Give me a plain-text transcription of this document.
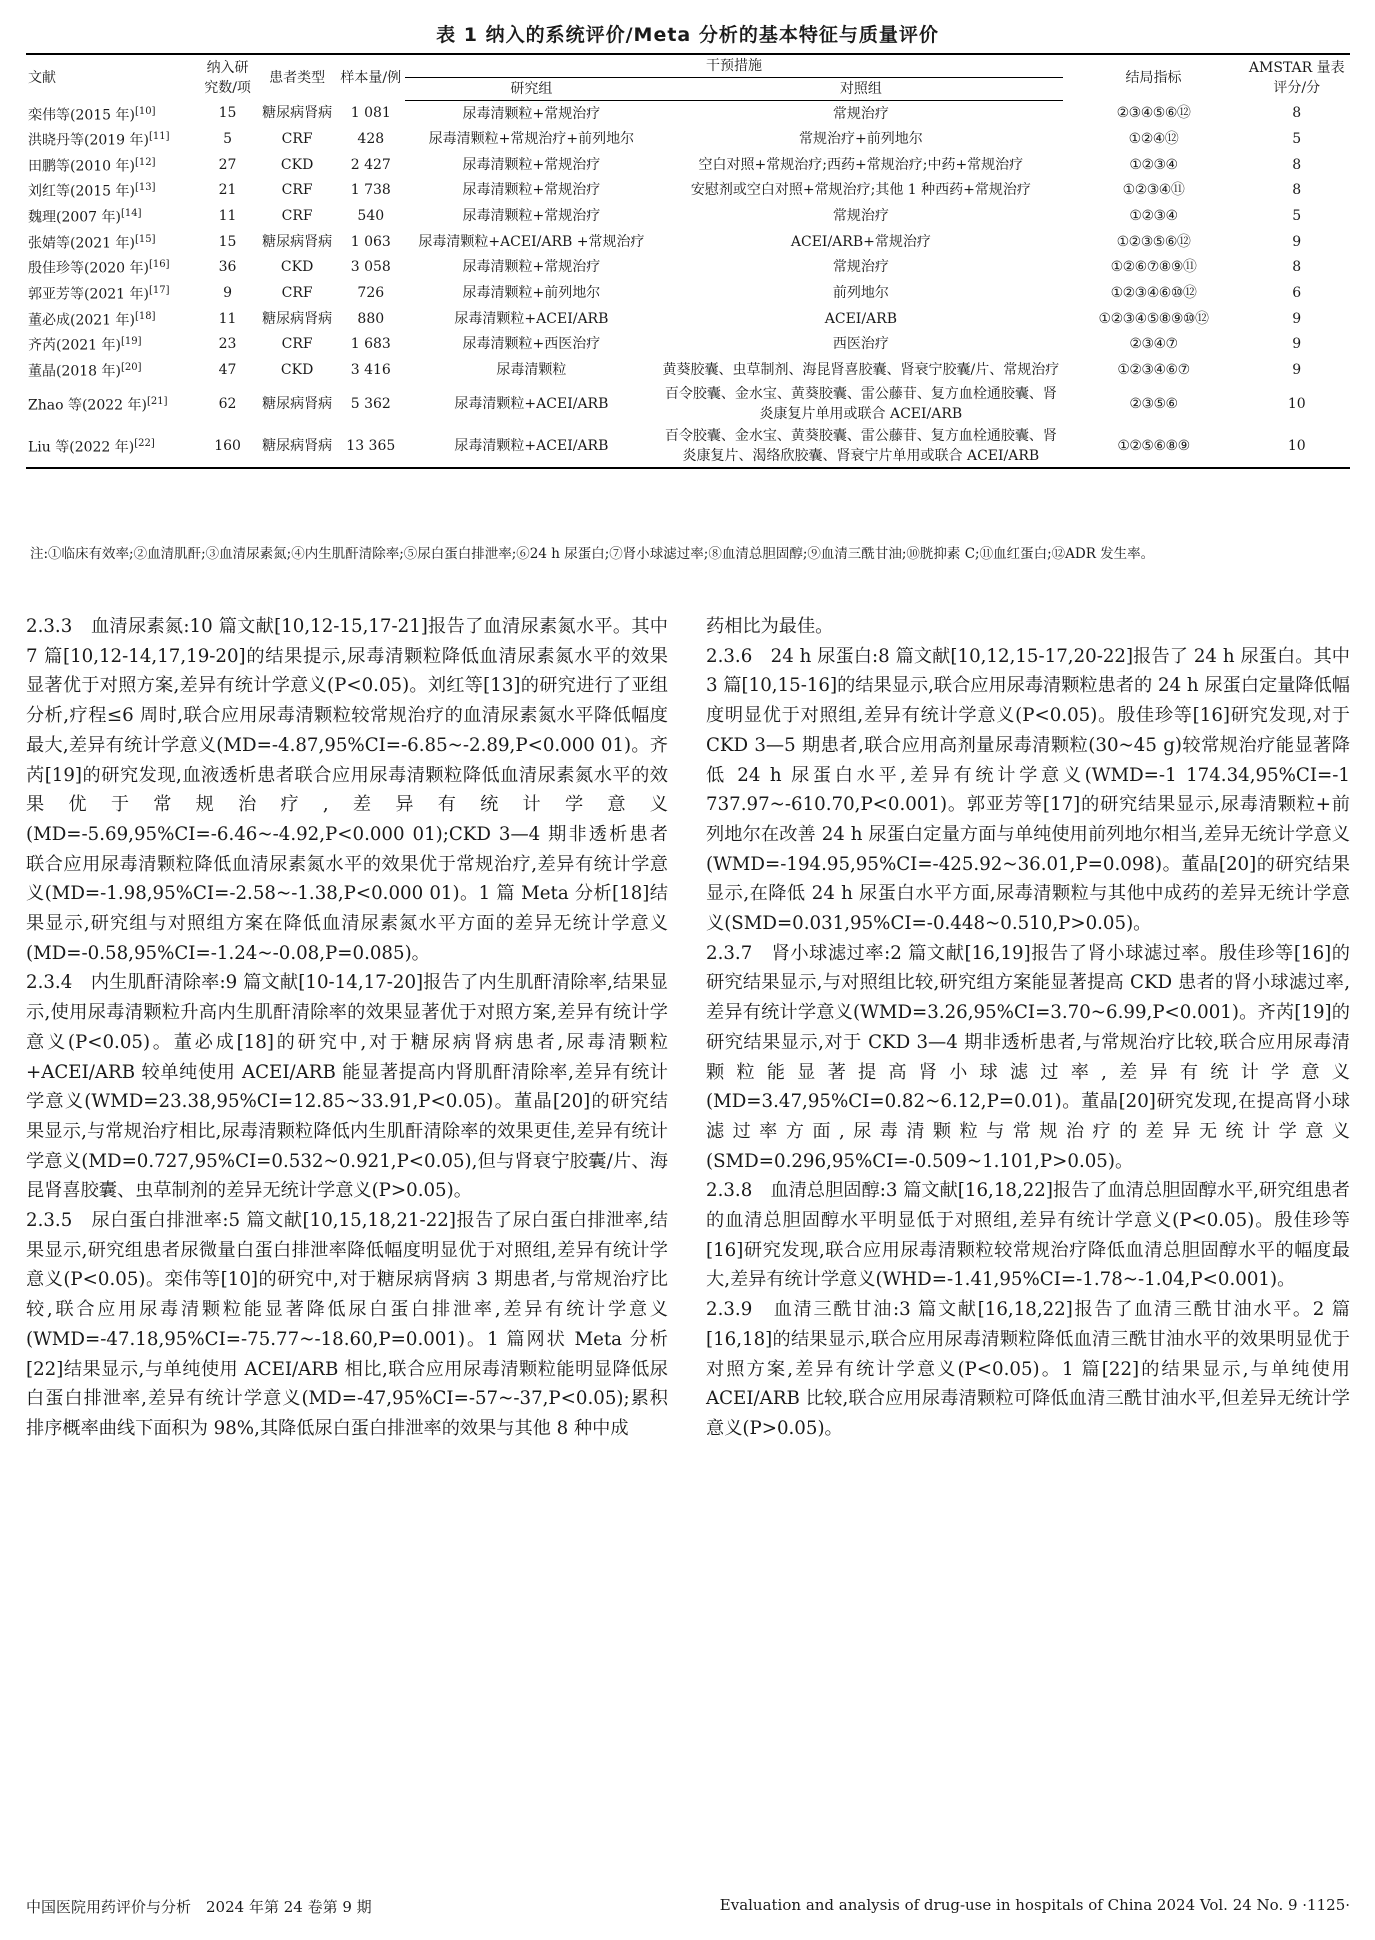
表 1 纳入的系统评价/Meta 分析的基本特征与质量评价
文献	纳入研究数/项	患者类型	样本量/例	干预措施		结局指标	AMSTAR 量表评分/分
				研究组	对照组		
栾伟等(2015 年)[10]	15	糖尿病肾病	1 081	尿毒清颗粒+常规治疗	常规治疗	②③④⑤⑥⑫	8
洪晓丹等(2019 年)[11]	5	CRF	428	尿毒清颗粒+常规治疗+前列地尔	常规治疗+前列地尔	①②④⑫	5
田鹏等(2010 年)[12]	27	CKD	2 427	尿毒清颗粒+常规治疗	空白对照+常规治疗;西药+常规治疗;中药+常规治疗	①②③④	8
刘红等(2015 年)[13]	21	CRF	1 738	尿毒清颗粒+常规治疗	安慰剂或空白对照+常规治疗;其他 1 种西药+常规治疗	①②③④⑪	8
魏理(2007 年)[14]	11	CRF	540	尿毒清颗粒+常规治疗	常规治疗	①②③④	5
张婧等(2021 年)[15]	15	糖尿病肾病	1 063	尿毒清颗粒+ACEI/ARB +常规治疗	ACEI/ARB+常规治疗	①②③⑤⑥⑫	9
殷佳珍等(2020 年)[16]	36	CKD	3 058	尿毒清颗粒+常规治疗	常规治疗	①②⑥⑦⑧⑨⑪	8
郭亚芳等(2021 年)[17]	9	CRF	726	尿毒清颗粒+前列地尔	前列地尔	①②③④⑥⑩⑫	6
董必成(2021 年)[18]	11	糖尿病肾病	880	尿毒清颗粒+ACEI/ARB	ACEI/ARB	①②③④⑤⑧⑨⑩⑫	9
齐芮(2021 年)[19]	23	CRF	1 683	尿毒清颗粒+西医治疗	西医治疗	②③④⑦	9
董晶(2018 年)[20]	47	CKD	3 416	尿毒清颗粒	黄葵胶囊、虫草制剂、海昆肾喜胶囊、肾衰宁胶囊/片、常规治疗	①②③④⑥⑦	9
Zhao 等(2022 年)[21]	62	糖尿病肾病	5 362	尿毒清颗粒+ACEI/ARB	百令胶囊、金水宝、黄葵胶囊、雷公藤苷、复方血栓通胶囊、肾炎康复片单用或联合 ACEI/ARB	②③⑤⑥	10
Liu 等(2022 年)[22]	160	糖尿病肾病	13 365	尿毒清颗粒+ACEI/ARB	百令胶囊、金水宝、黄葵胶囊、雷公藤苷、复方血栓通胶囊、肾炎康复片、渴络欣胶囊、肾衰宁片单用或联合 ACEI/ARB	①②⑤⑥⑧⑨	10
注:①临床有效率;②血清肌酐;③血清尿素氮;④内生肌酐清除率;⑤尿白蛋白排泄率;⑥24 h 尿蛋白;⑦肾小球滤过率;⑧血清总胆固醇;⑨血清三酰甘油;⑩胱抑素 C;⑪血红蛋白;⑫ADR 发生率。

2.3.3　血清尿素氮:10 篇文献[10,12-15,17-21]报告了血清尿素氮水平。其中 7 篇[10,12-14,17,19-20]的结果提示,尿毒清颗粒降低血清尿素氮水平的效果显著优于对照方案,差异有统计学意义(P<0.05)。刘红等[13]的研究进行了亚组分析,疗程≤6 周时,联合应用尿毒清颗粒较常规治疗的血清尿素氮水平降低幅度最大,差异有统计学意义(MD=-4.87,95%CI=-6.85~-2.89,P<0.000 01)。齐芮[19]的研究发现,血液透析患者联合应用尿毒清颗粒降低血清尿素氮水平的效果优于常规治疗,差异有统计学意义(MD=-5.69,95%CI=-6.46~-4.92,P<0.000 01);CKD 3—4 期非透析患者联合应用尿毒清颗粒降低血清尿素氮水平的效果优于常规治疗,差异有统计学意义(MD=-1.98,95%CI=-2.58~-1.38,P<0.000 01)。1 篇 Meta 分析[18]结果显示,研究组与对照组方案在降低血清尿素氮水平方面的差异无统计学意义(MD=-0.58,95%CI=-1.24~-0.08,P=0.085)。

2.3.4　内生肌酐清除率:9 篇文献[10-14,17-20]报告了内生肌酐清除率,结果显示,使用尿毒清颗粒升高内生肌酐清除率的效果显著优于对照方案,差异有统计学意义(P<0.05)。董必成[18]的研究中,对于糖尿病肾病患者,尿毒清颗粒+ACEI/ARB 较单纯使用 ACEI/ARB 能显著提高内肾肌酐清除率,差异有统计学意义(WMD=23.38,95%CI=12.85~33.91,P<0.05)。董晶[20]的研究结果显示,与常规治疗相比,尿毒清颗粒降低内生肌酐清除率的效果更佳,差异有统计学意义(MD=0.727,95%CI=0.532~0.921,P<0.05),但与肾衰宁胶囊/片、海昆肾喜胶囊、虫草制剂的差异无统计学意义(P>0.05)。

2.3.5　尿白蛋白排泄率:5 篇文献[10,15,18,21-22]报告了尿白蛋白排泄率,结果显示,研究组患者尿微量白蛋白排泄率降低幅度明显优于对照组,差异有统计学意义(P<0.05)。栾伟等[10]的研究中,对于糖尿病肾病 3 期患者,与常规治疗比较,联合应用尿毒清颗粒能显著降低尿白蛋白排泄率,差异有统计学意义(WMD=-47.18,95%CI=-75.77~-18.60,P=0.001)。1 篇网状 Meta 分析[22]结果显示,与单纯使用 ACEI/ARB 相比,联合应用尿毒清颗粒能明显降低尿白蛋白排泄率,差异有统计学意义(MD=-47,95%CI=-57~-37,P<0.05);累积排序概率曲线下面积为 98%,其降低尿白蛋白排泄率的效果与其他 8 种中成

药相比为最佳。

2.3.6　24 h 尿蛋白:8 篇文献[10,12,15-17,20-22]报告了 24 h 尿蛋白。其中 3 篇[10,15-16]的结果显示,联合应用尿毒清颗粒患者的 24 h 尿蛋白定量降低幅度明显优于对照组,差异有统计学意义(P<0.05)。殷佳珍等[16]研究发现,对于 CKD 3—5 期患者,联合应用高剂量尿毒清颗粒(30~45 g)较常规治疗能显著降低 24 h 尿蛋白水平,差异有统计学意义(WMD=-1 174.34,95%CI=-1 737.97~-610.70,P<0.001)。郭亚芳等[17]的研究结果显示,尿毒清颗粒+前列地尔在改善 24 h 尿蛋白定量方面与单纯使用前列地尔相当,差异无统计学意义(WMD=-194.95,95%CI=-425.92~36.01,P=0.098)。董晶[20]的研究结果显示,在降低 24 h 尿蛋白水平方面,尿毒清颗粒与其他中成药的差异无统计学意义(SMD=0.031,95%CI=-0.448~0.510,P>0.05)。

2.3.7　肾小球滤过率:2 篇文献[16,19]报告了肾小球滤过率。殷佳珍等[16]的研究结果显示,与对照组比较,研究组方案能显著提高 CKD 患者的肾小球滤过率,差异有统计学意义(WMD=3.26,95%CI=3.70~6.99,P<0.001)。齐芮[19]的研究结果显示,对于 CKD 3—4 期非透析患者,与常规治疗比较,联合应用尿毒清颗粒能显著提高肾小球滤过率,差异有统计学意义(MD=3.47,95%CI=0.82~6.12,P=0.01)。董晶[20]研究发现,在提高肾小球滤过率方面,尿毒清颗粒与常规治疗的差异无统计学意义(SMD=0.296,95%CI=-0.509~1.101,P>0.05)。

2.3.8　血清总胆固醇:3 篇文献[16,18,22]报告了血清总胆固醇水平,研究组患者的血清总胆固醇水平明显低于对照组,差异有统计学意义(P<0.05)。殷佳珍等[16]研究发现,联合应用尿毒清颗粒较常规治疗降低血清总胆固醇水平的幅度最大,差异有统计学意义(WHD=-1.41,95%CI=-1.78~-1.04,P<0.001)。

2.3.9　血清三酰甘油:3 篇文献[16,18,22]报告了血清三酰甘油水平。2 篇[16,18]的结果显示,联合应用尿毒清颗粒降低血清三酰甘油水平的效果明显优于对照方案,差异有统计学意义(P<0.05)。1 篇[22]的结果显示,与单纯使用 ACEI/ARB 比较,联合应用尿毒清颗粒可降低血清三酰甘油水平,但差异无统计学意义(P>0.05)。

中国医院用药评价与分析　2024 年第 24 卷第 9 期	Evaluation and analysis of drug-use in hospitals of China 2024 Vol. 24 No. 9 ·1125·
